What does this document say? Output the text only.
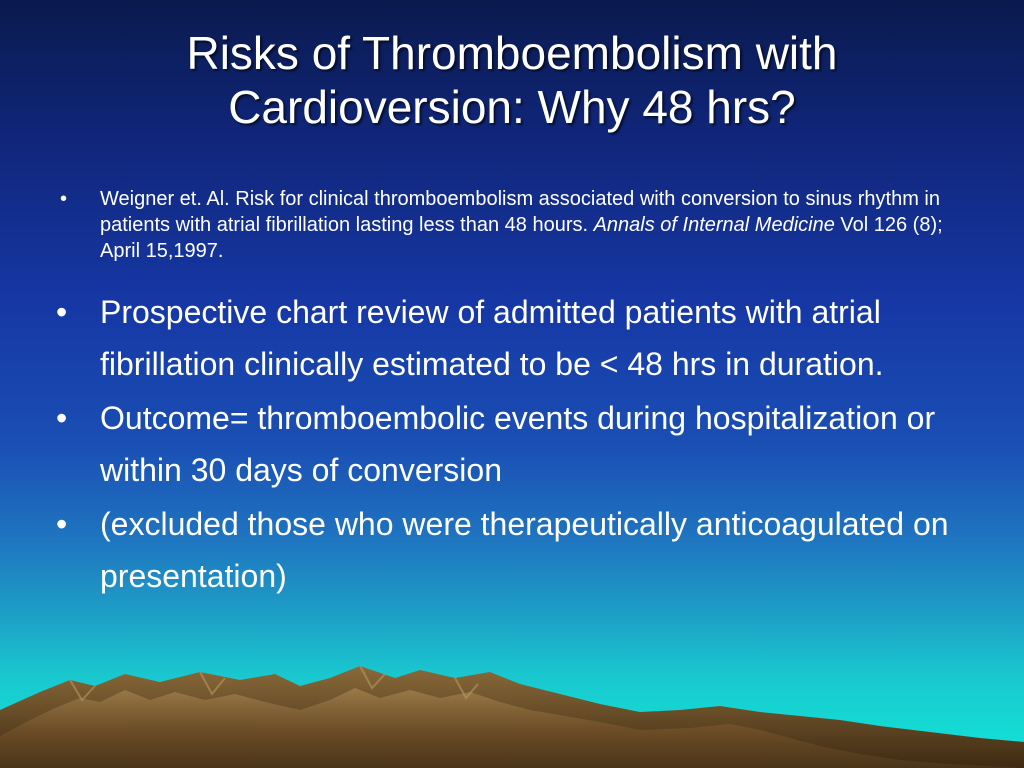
Risks of Thromboembolism with
Cardioversion: Why 48 hrs?
• Weigner et. Al. Risk for clinical thromboembolism associated with conversion to sinus rhythm in patients with atrial fibrillation lasting less than 48 hours. Annals of Internal Medicine Vol 126 (8); April 15,1997.
• Prospective chart review of admitted patients with atrial fibrillation clinically estimated to be < 48 hrs in duration.
• Outcome= thromboembolic events during hospitalization or within 30 days of conversion
• (excluded those who were therapeutically anticoagulated on presentation)
